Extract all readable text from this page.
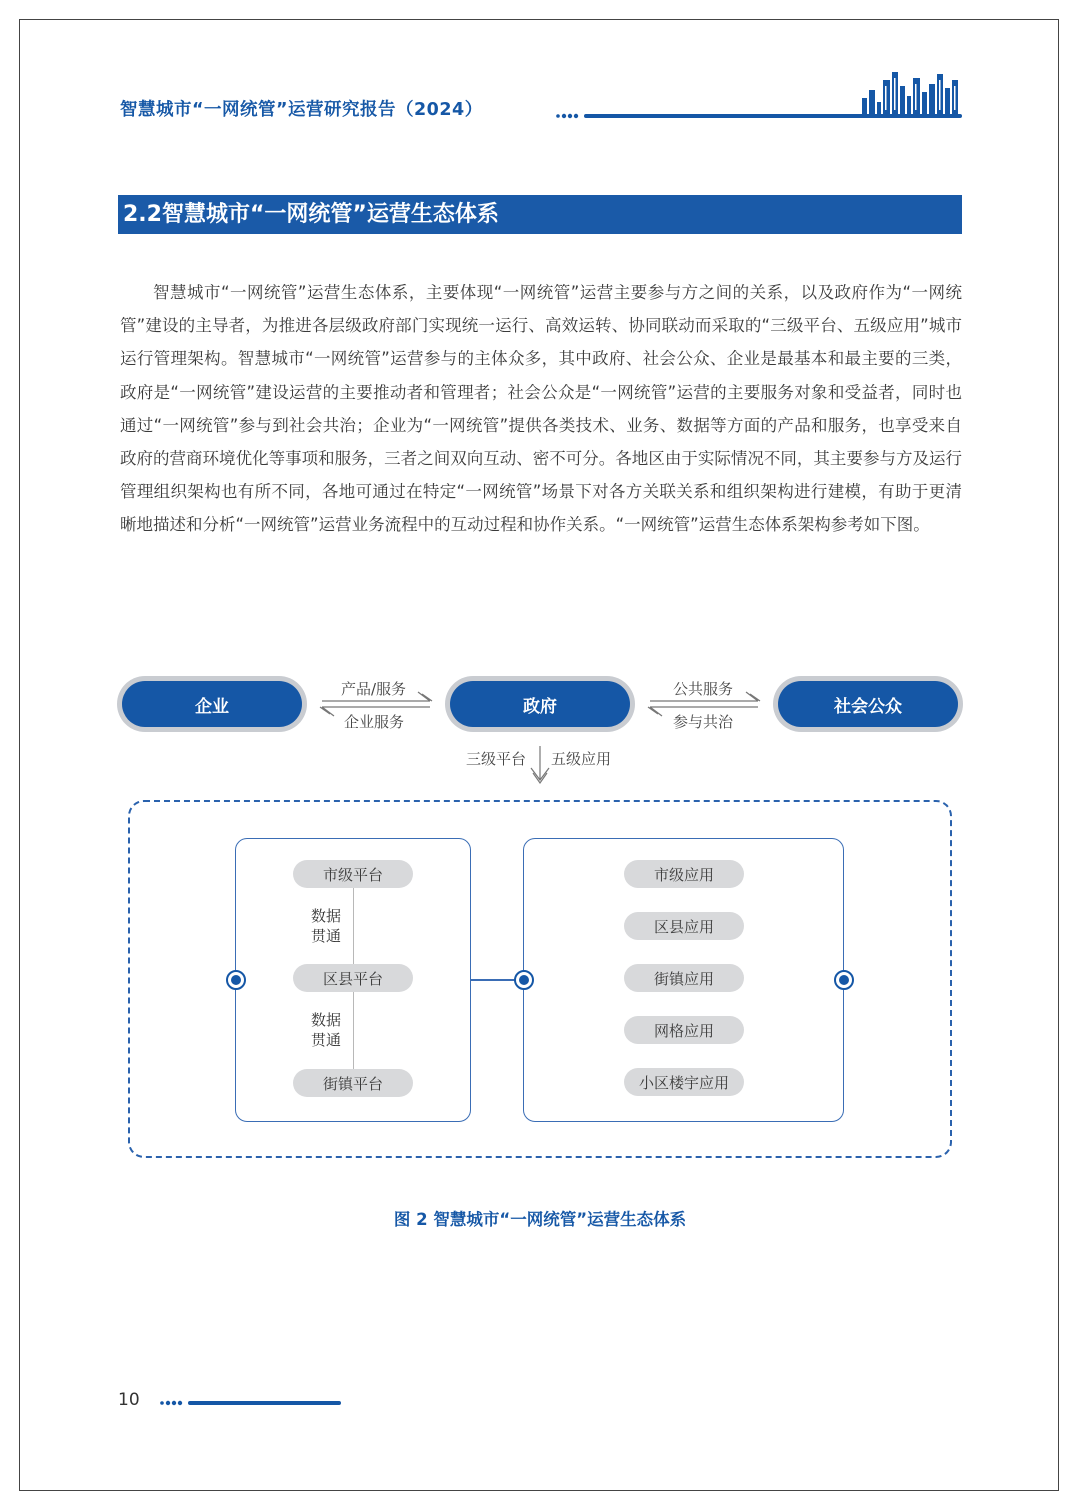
智慧城市“一网统管”运营研究报告（2024）
2.2智慧城市“一网统管”运营生态体系

智慧城市“一网统管”运营生态体系，主要体现“一网统管”运营主要参与方之间的关系，以及政府作为“一网统管”建设的主导者，为推进各层级政府部门实现统一运行、高效运转、协同联动而采取的“三级平台、五级应用”城市运行管理架构。智慧城市“一网统管”运营参与的主体众多，其中政府、社会公众、企业是最基本和最主要的三类，政府是“一网统管”建设运营的主要推动者和管理者；社会公众是“一网统管”运营的主要服务对象和受益者，同时也通过“一网统管”参与到社会共治；企业为“一网统管”提供各类技术、业务、数据等方面的产品和服务，也享受来自政府的营商环境优化等事项和服务，三者之间双向互动、密不可分。各地区由于实际情况不同，其主要参与方及运行管理组织架构也有所不同，各地可通过在特定“一网统管”场景下对各方关联关系和组织架构进行建模，有助于更清晰地描述和分析“一网统管”运营业务流程中的互动过程和协作关系。“一网统管”运营生态体系架构参考如下图。

企业	政府	社会公众
产品/服务
企业服务
公共服务
参与共治
三级平台 五级应用
市级平台
区县平台
街镇平台
数据
贯通
数据
贯通
市级应用
区县应用
街镇应用
网格应用
小区楼宇应用
图 2 智慧城市“一网统管”运营生态体系
10
